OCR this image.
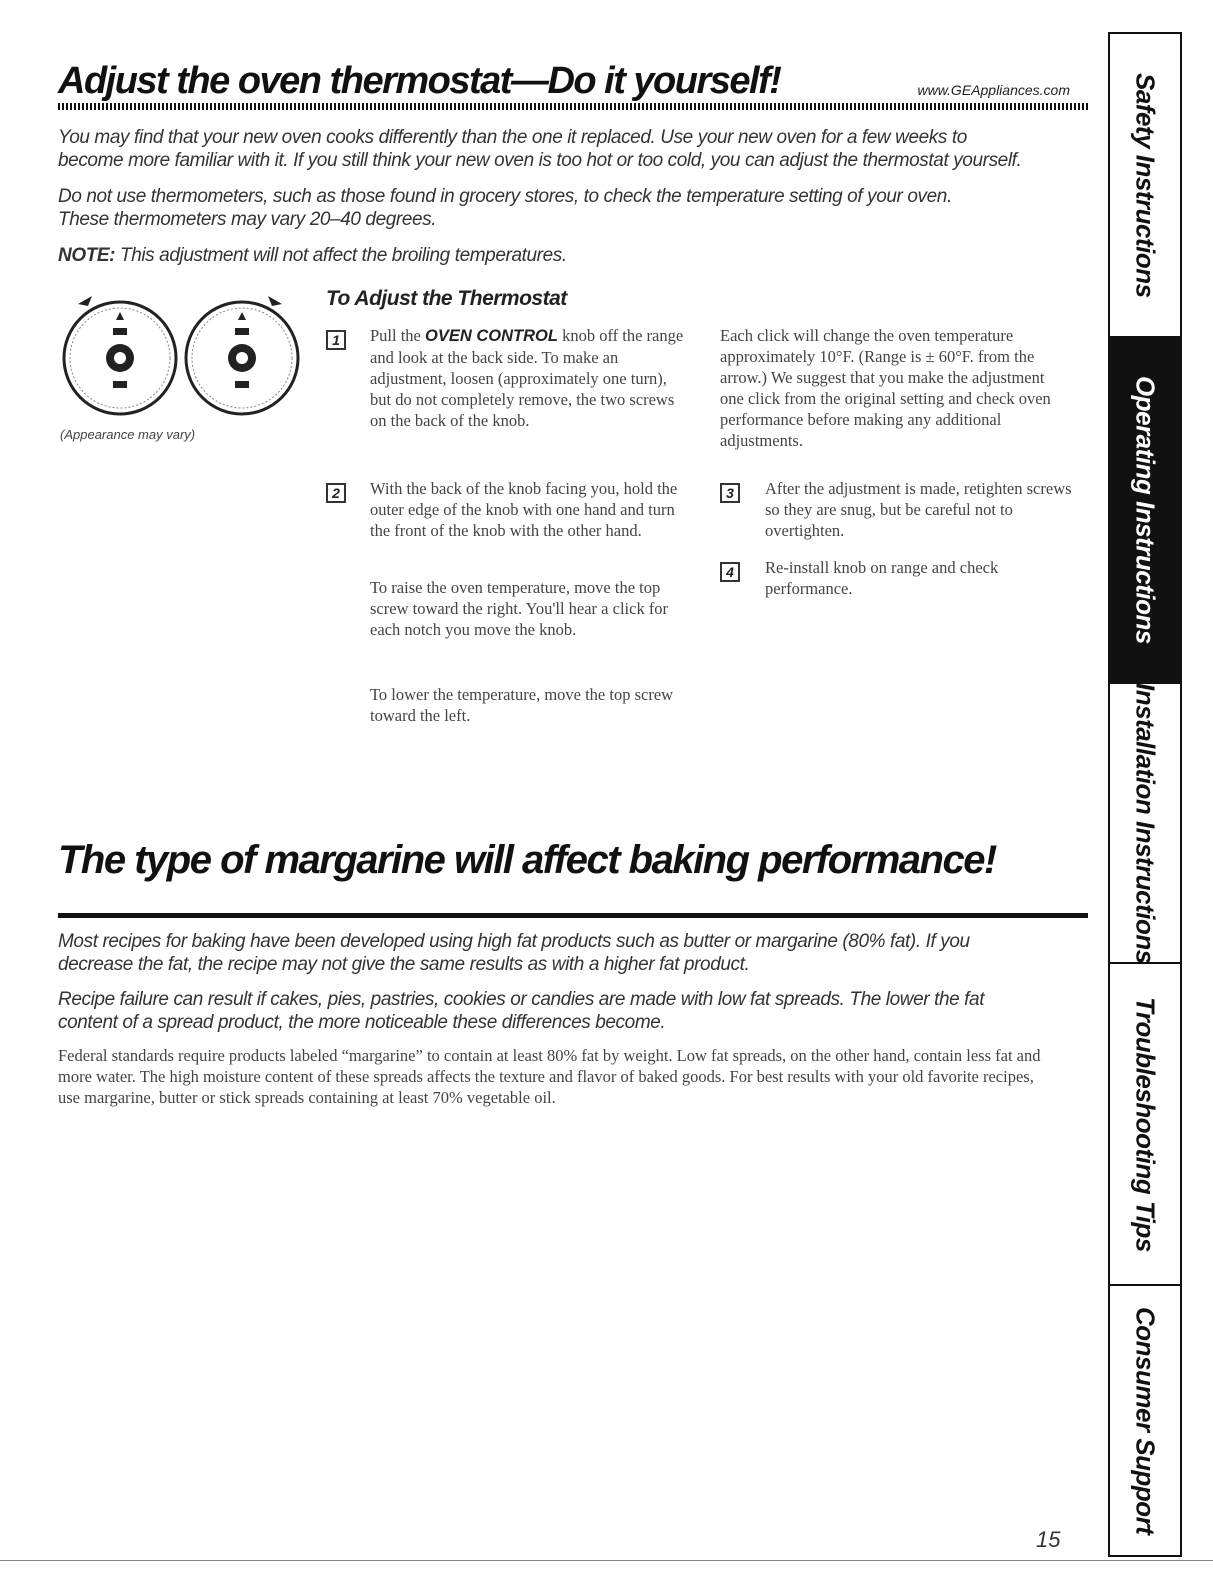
Adjust the oven thermostat—Do it yourself!	www.GEAppliances.com

You may find that your new oven cooks differently than the one it replaced. Use your new oven for a few weeks to
become more familiar with it. If you still think your new oven is too hot or too cold, you can adjust the thermostat yourself.

Do not use thermometers, such as those found in grocery stores, to check the temperature setting of your oven.
These thermometers may vary 20–40 degrees.

NOTE: This adjustment will not affect the broiling temperatures.

(Appearance may vary)

To Adjust the Thermostat
1	Pull the OVEN CONTROL knob off the range and look at the back side. To make an adjustment, loosen (approximately one turn), but do not completely remove, the two screws on the back of the knob.

2	With the back of the knob facing you, hold the outer edge of the knob with one hand and turn the front of the knob with the other hand.

To raise the oven temperature, move the top screw toward the right. You'll hear a click for each notch you move the knob.

To lower the temperature, move the top screw toward the left.

Each click will change the oven temperature approximately 10°F. (Range is ± 60°F. from the arrow.) We suggest that you make the adjustment one click from the original setting and check oven performance before making any additional adjustments.

3	After the adjustment is made, retighten screws so they are snug, but be careful not to overtighten.

4	Re-install knob on range and check performance.

The type of margarine will affect baking performance!

Most recipes for baking have been developed using high fat products such as butter or margarine (80% fat). If you
decrease the fat, the recipe may not give the same results as with a higher fat product.

Recipe failure can result if cakes, pies, pastries, cookies or candies are made with low fat spreads. The lower the fat
content of a spread product, the more noticeable these differences become.

Federal standards require products labeled “margarine” to contain at least 80% fat by weight. Low fat spreads, on the other hand, contain less fat and more water. The high moisture content of these spreads affects the texture and flavor of baked goods. For best results with your old favorite recipes, use margarine, butter or stick spreads containing at least 70% vegetable oil.

Safety Instructions
Operating Instructions
Installation Instructions
Troubleshooting Tips
Consumer Support
15
